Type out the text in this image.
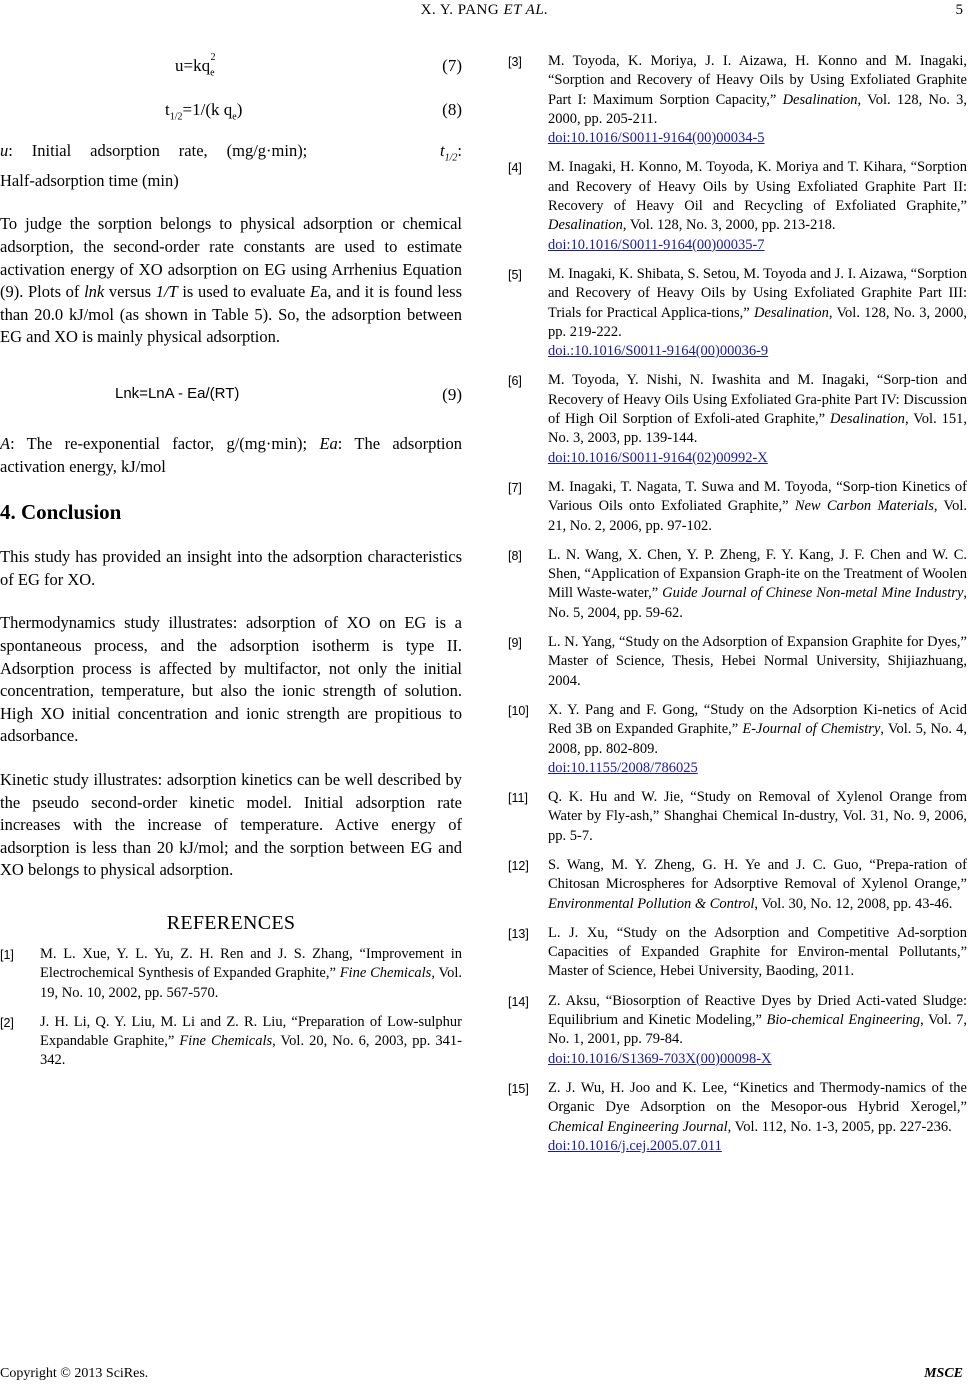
X. Y. PANG ET AL.	5
$u=kq_e^2$	(7)
$t_{1/2}=1/(k$ $q_e$)	(8)

u: Initial adsorption rate, (mg/g·min);	$t_{1/2}$:

Half-adsorption time (min)

To judge the sorption belongs to physical adsorption or chemical adsorption, the second-order rate constants are used to estimate activation energy of XO adsorption on EG using Arrhenius Equation (9). Plots of lnk versus 1/T is used to evaluate Ea, and it is found less than 20.0 kJ/mol (as shown in Table 5). So, the adsorption between EG and XO is mainly physical adsorption.

Lnk=LnA - Ea/(RT)	(9)

A: The re-exponential factor, g/(mg·min); Ea: The adsorption activation energy, kJ/mol

4. Conclusion

This study has provided an insight into the adsorption characteristics of EG for XO.

Thermodynamics study illustrates: adsorption of XO on EG is a spontaneous process, and the adsorption isotherm is type II. Adsorption process is affected by multifactor, not only the initial concentration, temperature, but also the ionic strength of solution. High XO initial concentration and ionic strength are propitious to adsorbance.

Kinetic study illustrates: adsorption kinetics can be well described by the pseudo second-order kinetic model. Initial adsorption rate increases with the increase of temperature. Active energy of adsorption is less than 20 kJ/mol; and the sorption between EG and XO belongs to physical adsorption.

REFERENCES
[1] M. L. Xue, Y. L. Yu, Z. H. Ren and J. S. Zhang, “Improvement in Electrochemical Synthesis of Expanded Graphite,” Fine Chemicals, Vol. 19, No. 10, 2002, pp. 567-570.
[2] J. H. Li, Q. Y. Liu, M. Li and Z. R. Liu, “Preparation of Low-sulphur Expandable Graphite,” Fine Chemicals, Vol. 20, No. 6, 2003, pp. 341-342.
[3] M. Toyoda, K. Moriya, J. I. Aizawa, H. Konno and M. Inagaki, “Sorption and Recovery of Heavy Oils by Using Exfoliated Graphite Part I: Maximum Sorption Capacity,” Desalination, Vol. 128, No. 3, 2000, pp. 205-211.
doi:10.1016/S0011-9164(00)00034-5
[4] M. Inagaki, H. Konno, M. Toyoda, K. Moriya and T. Kihara, “Sorption and Recovery of Heavy Oils by Using Exfoliated Graphite Part II: Recovery of Heavy Oil and Recycling of Exfoliated Graphite,” Desalination, Vol. 128, No. 3, 2000, pp. 213-218.
doi:10.1016/S0011-9164(00)00035-7
[5] M. Inagaki, K. Shibata, S. Setou, M. Toyoda and J. I. Aizawa, “Sorption and Recovery of Heavy Oils by Using Exfoliated Graphite Part III: Trials for Practical Applica-tions,” Desalination, Vol. 128, No. 3, 2000, pp. 219-222.
doi.:10.1016/S0011-9164(00)00036-9
[6] M. Toyoda, Y. Nishi, N. Iwashita and M. Inagaki, “Sorp-tion and Recovery of Heavy Oils Using Exfoliated Gra-phite Part IV: Discussion of High Oil Sorption of Exfoli-ated Graphite,” Desalination, Vol. 151, No. 3, 2003, pp. 139-144.
doi:10.1016/S0011-9164(02)00992-X
[7] M. Inagaki, T. Nagata, T. Suwa and M. Toyoda, “Sorp-tion Kinetics of Various Oils onto Exfoliated Graphite,” New Carbon Materials, Vol. 21, No. 2, 2006, pp. 97-102.
[8] L. N. Wang, X. Chen, Y. P. Zheng, F. Y. Kang, J. F. Chen and W. C. Shen, “Application of Expansion Graph-ite on the Treatment of Woolen Mill Waste-water,” Guide Journal of Chinese Non-metal Mine Industry, No. 5, 2004, pp. 59-62.
[9] L. N. Yang, “Study on the Adsorption of Expansion Graphite for Dyes,” Master of Science, Thesis, Hebei Normal University, Shijiazhuang, 2004.
[10] X. Y. Pang and F. Gong, “Study on the Adsorption Ki-netics of Acid Red 3B on Expanded Graphite,” E-Journal of Chemistry, Vol. 5, No. 4, 2008, pp. 802-809.
doi:10.1155/2008/786025
[11] Q. K. Hu and W. Jie, “Study on Removal of Xylenol Orange from Water by Fly-ash,” Shanghai Chemical In-dustry, Vol. 31, No. 9, 2006, pp. 5-7.
[12] S. Wang, M. Y. Zheng, G. H. Ye and J. C. Guo, “Prepa-ration of Chitosan Microspheres for Adsorptive Removal of Xylenol Orange,” Environmental Pollution & Control, Vol. 30, No. 12, 2008, pp. 43-46.
[13] L. J. Xu, “Study on the Adsorption and Competitive Ad-sorption Capacities of Expanded Graphite for Environ-mental Pollutants,” Master of Science, Hebei University, Baoding, 2011.
[14] Z. Aksu, “Biosorption of Reactive Dyes by Dried Acti-vated Sludge: Equilibrium and Kinetic Modeling,” Bio-chemical Engineering, Vol. 7, No. 1, 2001, pp. 79-84.
doi:10.1016/S1369-703X(00)00098-X
[15] Z. J. Wu, H. Joo and K. Lee, “Kinetics and Thermody-namics of the Organic Dye Adsorption on the Mesopor-ous Hybrid Xerogel,” Chemical Engineering Journal, Vol. 112, No. 1-3, 2005, pp. 227-236.
doi:10.1016/j.cej.2005.07.011
Copyright © 2013 SciRes.	MSCE
